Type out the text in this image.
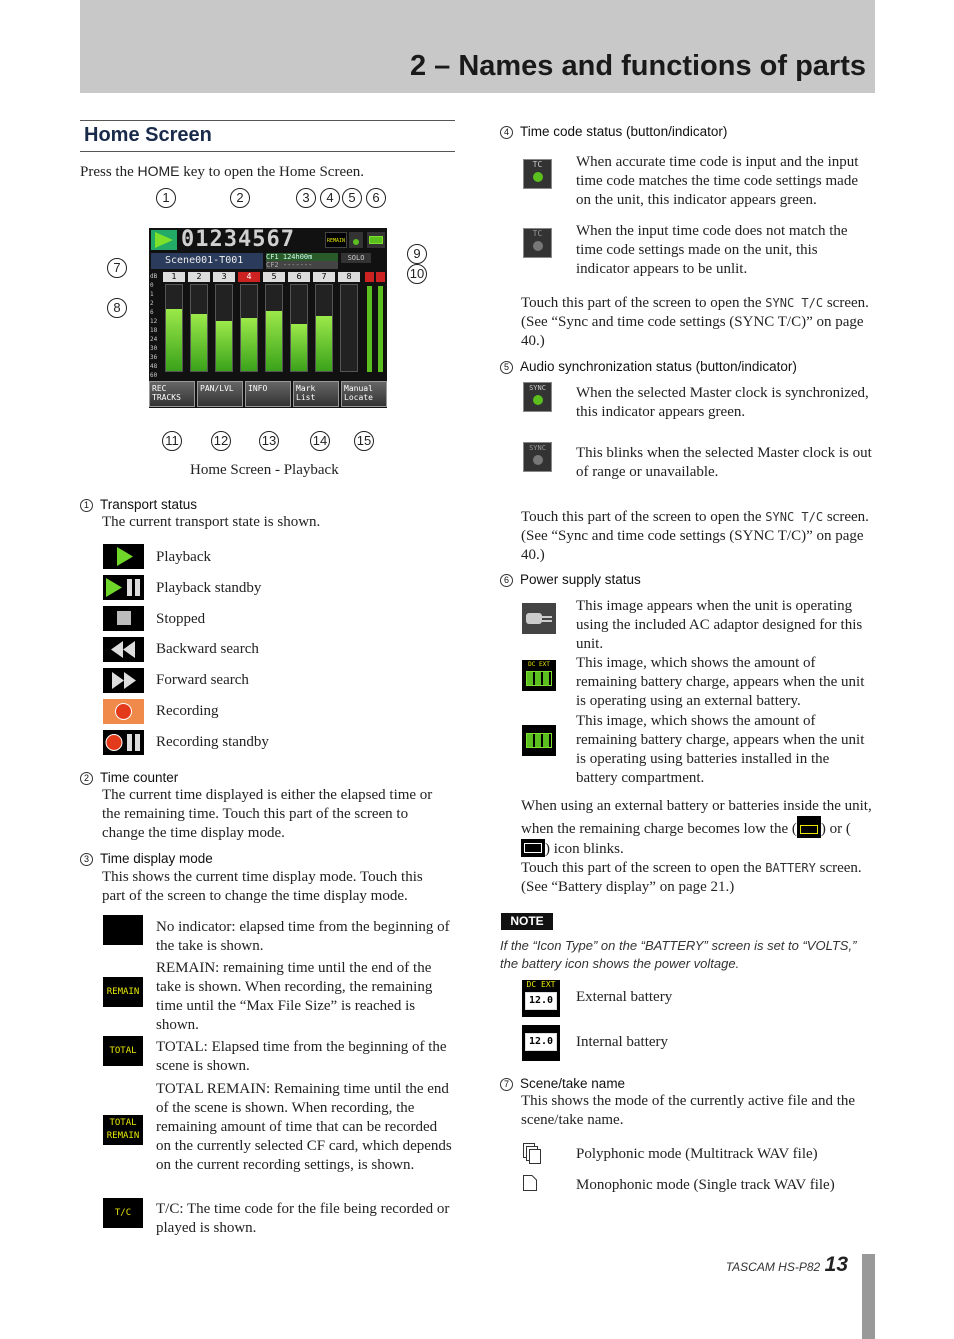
2 – Names and functions of parts
Home Screen
Press the HOME key to open the Home Screen.
01234567	REMAIN
Scene001-T001	CF1 124h00m
CF2 -------
SOLO
dB
0
1
2
6
12
18
24
30
36
48
60
1	2	3	4	5	6	7	8
REC TRACKS
PAN/LVL	INFO	Mark List
Manual Locate
1	2	3	4	5	6
7
8
9
10
11	12	13	14 15
Home Screen - Playback
1 Transport status
The current transport state is shown.
Playback
Playback standby
Stopped
Backward search
Forward search
Recording
Recording standby
2 Time counter
The current time displayed is either the elapsed time or the remaining time. Touch this part of the screen to change the time display mode.
3 Time display mode
This shows the current time display mode. Touch this part of the screen to change the time display mode.
No indicator: elapsed time from the beginning of the take is shown.
REMAIN
REMAIN: remaining time until the end of the take is shown. When recording, the remaining time until the “Max File Size” is reached is shown.
TOTAL	TOTAL: Elapsed time from the beginning of the scene is shown.
TOTAL REMAIN
TOTAL REMAIN: Remaining time until the end of the scene is shown. When recording, the remaining amount of time that can be recorded on the currently selected CF card, which depends on the current recording settings, is shown.
T/C	T/C: The time code for the file being recorded or played is shown.
4 Time code status (button/indicator)
TC	When accurate time code is input and the input time code matches the time code settings made on the unit, this indicator appears green.
TC	When the input time code does not match the time code settings made on the unit, this indicator appears to be unlit.
Touch this part of the screen to open the SYNC T/C screen. (See “Sync and time code settings (SYNC T/C)” on page 40.)
5 Audio synchronization status (button/indicator)
SYNC	When the selected Master clock is synchronized, this indicator appears green.
SYNC	This blinks when the selected Master clock is out of range or unavailable.
Touch this part of the screen to open the SYNC T/C screen. (See “Sync and time code settings (SYNC T/C)” on page 40.)
6 Power supply status
This image appears when the unit is operating using the included AC adaptor designed for this unit.
DC EXT	This image, which shows the amount of remaining battery charge, appears when the unit is operating using an external battery.
This image, which shows the amount of remaining battery charge, appears when the unit is operating using batteries installed in the battery compartment.
When using an external battery or batteries inside the unit, when the remaining charge becomes low the ( ) or (
) icon blinks.
Touch this part of the screen to open the BATTERY screen. (See “Battery display” on page 21.)
NOTE
If the “Icon Type” on the “BATTERY” screen is set to “VOLTS,” the battery icon shows the power voltage.
DC EXT
12.0 External battery
12.0 Internal battery
7 Scene/take name
This shows the mode of the currently active file and the scene/take name.
Polyphonic mode (Multitrack WAV file)
Monophonic mode (Single track WAV file)
TASCAM HS-P82 13
